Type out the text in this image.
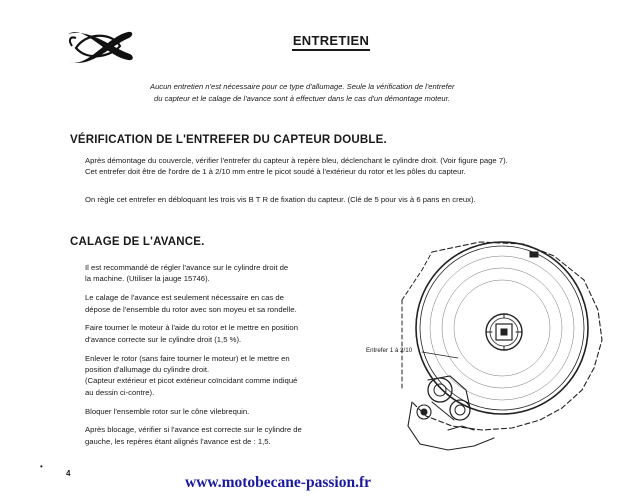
ENTRETIEN
Aucun entretien n'est nécessaire pour ce type d'allumage. Seule la vérification de l'entrefer
du capteur et le calage de l'avance sont à effectuer dans le cas d'un démontage moteur.
VÉRIFICATION DE L'ENTREFER DU CAPTEUR DOUBLE.
Après démontage du couvercle, vérifier l'entrefer du capteur à repère bleu, déclenchant le cylindre droit. (Voir figure page 7).
Cet entrefer doit être de l'ordre de 1 à 2/10 mm entre le picot soudé à l'extérieur du rotor et les pôles du capteur.
On règle cet entrefer en débloquant les trois vis B T R de fixation du capteur. (Clé de 5 pour vis à 6 pans en creux).
CALAGE DE L'AVANCE.
Il est recommandé de régler l'avance sur le cylindre droit de
la machine. (Utiliser la jauge 15746).
Le calage de l'avance est seulement nécessaire en cas de
dépose de l'ensemble du rotor avec son moyeu et sa rondelle.
Faire tourner le moteur à l'aide du rotor et le mettre en position
d'avance correcte sur le cylindre droit (1,5 %).
Enlever le rotor (sans faire tourner le moteur) et le mettre en
position d'allumage du cylindre droit.
(Capteur extérieur et picot extérieur coïncidant comme indiqué
au dessin ci-contre).
Bloquer l'ensemble rotor sur le cône vilebrequin.
Après blocage, vérifier si l'avance est correcte sur le cylindre de
gauche, les repères étant alignés l'avance est de : 1,5.
Entrefer 1 à 2/10
•
4
www.motobecane-passion.fr
